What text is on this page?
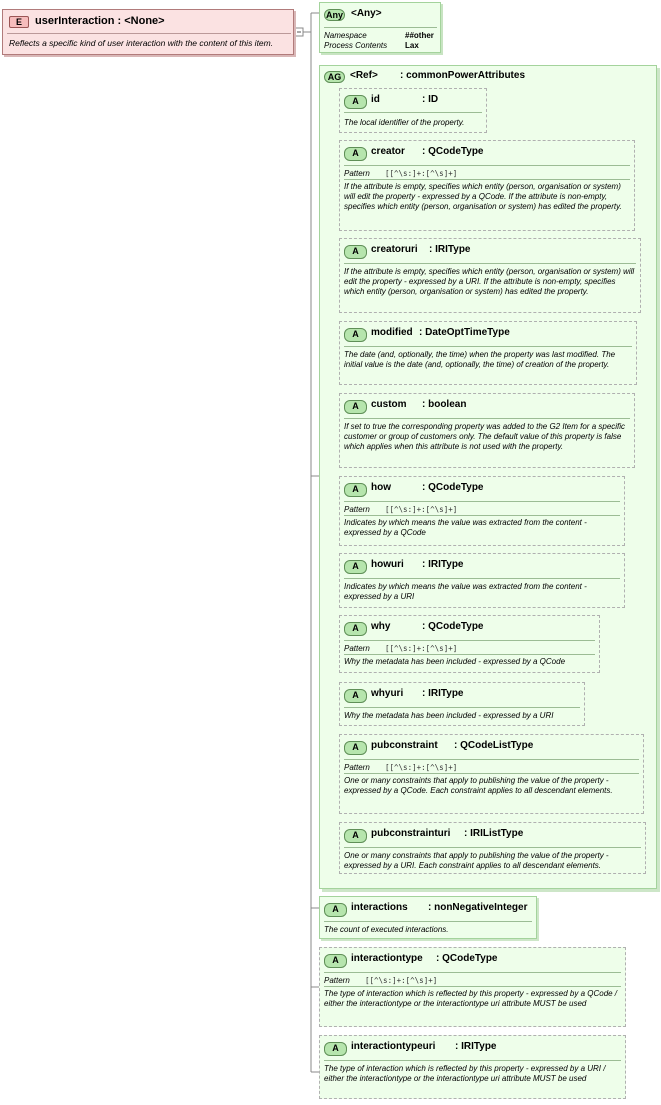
E	userInteraction : <None>
Reflects a specific kind of user interaction with the content of this item.
Any <Any>
Namespace	##other
Process Contents Lax
AG <Ref> : commonPowerAttributes
A	id	: ID
The local identifier of the property.
A	creator : QCodeType
Pattern [[^\s:]+:[^\s]+]
If the attribute is empty, specifies which entity (person, organisation or system) will edit the property - expressed by a QCode. If the attribute is non-empty, specifies which entity (person, organisation or system) has edited the property.
A	creatoruri : IRIType
If the attribute is empty, specifies which entity (person, organisation or system) will edit the property - expressed by a URI. If the attribute is non-empty, specifies which entity (person, organisation or system) has edited the property.
A	modified : DateOptTimeType
The date (and, optionally, the time) when the property was last modified. The initial value is the date (and, optionally, the time) of creation of the property.
A	custom : boolean
If set to true the corresponding property was added to the G2 Item for a specific customer or group of customers only. The default value of this property is false which applies when this attribute is not used with the property.
A	how	: QCodeType
Pattern [[^\s:]+:[^\s]+]
Indicates by which means the value was extracted from the content - expressed by a QCode
A	howuri : IRIType
Indicates by which means the value was extracted from the content - expressed by a URI
A	why	: QCodeType
Pattern [[^\s:]+:[^\s]+]
Why the metadata has been included - expressed by a QCode
A	whyuri : IRIType
Why the metadata has been included - expressed by a URI
A	pubconstraint : QCodeListType
Pattern [[^\s:]+:[^\s]+]
One or many constraints that apply to publishing the value of the property - expressed by a QCode. Each constraint applies to all descendant elements.
A	pubconstrainturi : IRIListType
One or many constraints that apply to publishing the value of the property - expressed by a URI. Each constraint applies to all descendant elements.
A	interactions : nonNegativeInteger
The count of executed interactions.
A	interactiontype : QCodeType
Pattern [[^\s:]+:[^\s]+]
The type of interaction which is reflected by this property - expressed by a QCode / either the interactiontype or the interactiontype uri attribute MUST be used
A	interactiontypeuri : IRIType
The type of interaction which is reflected by this property - expressed by a URI / either the interactiontype or the interactiontype uri attribute MUST be used
